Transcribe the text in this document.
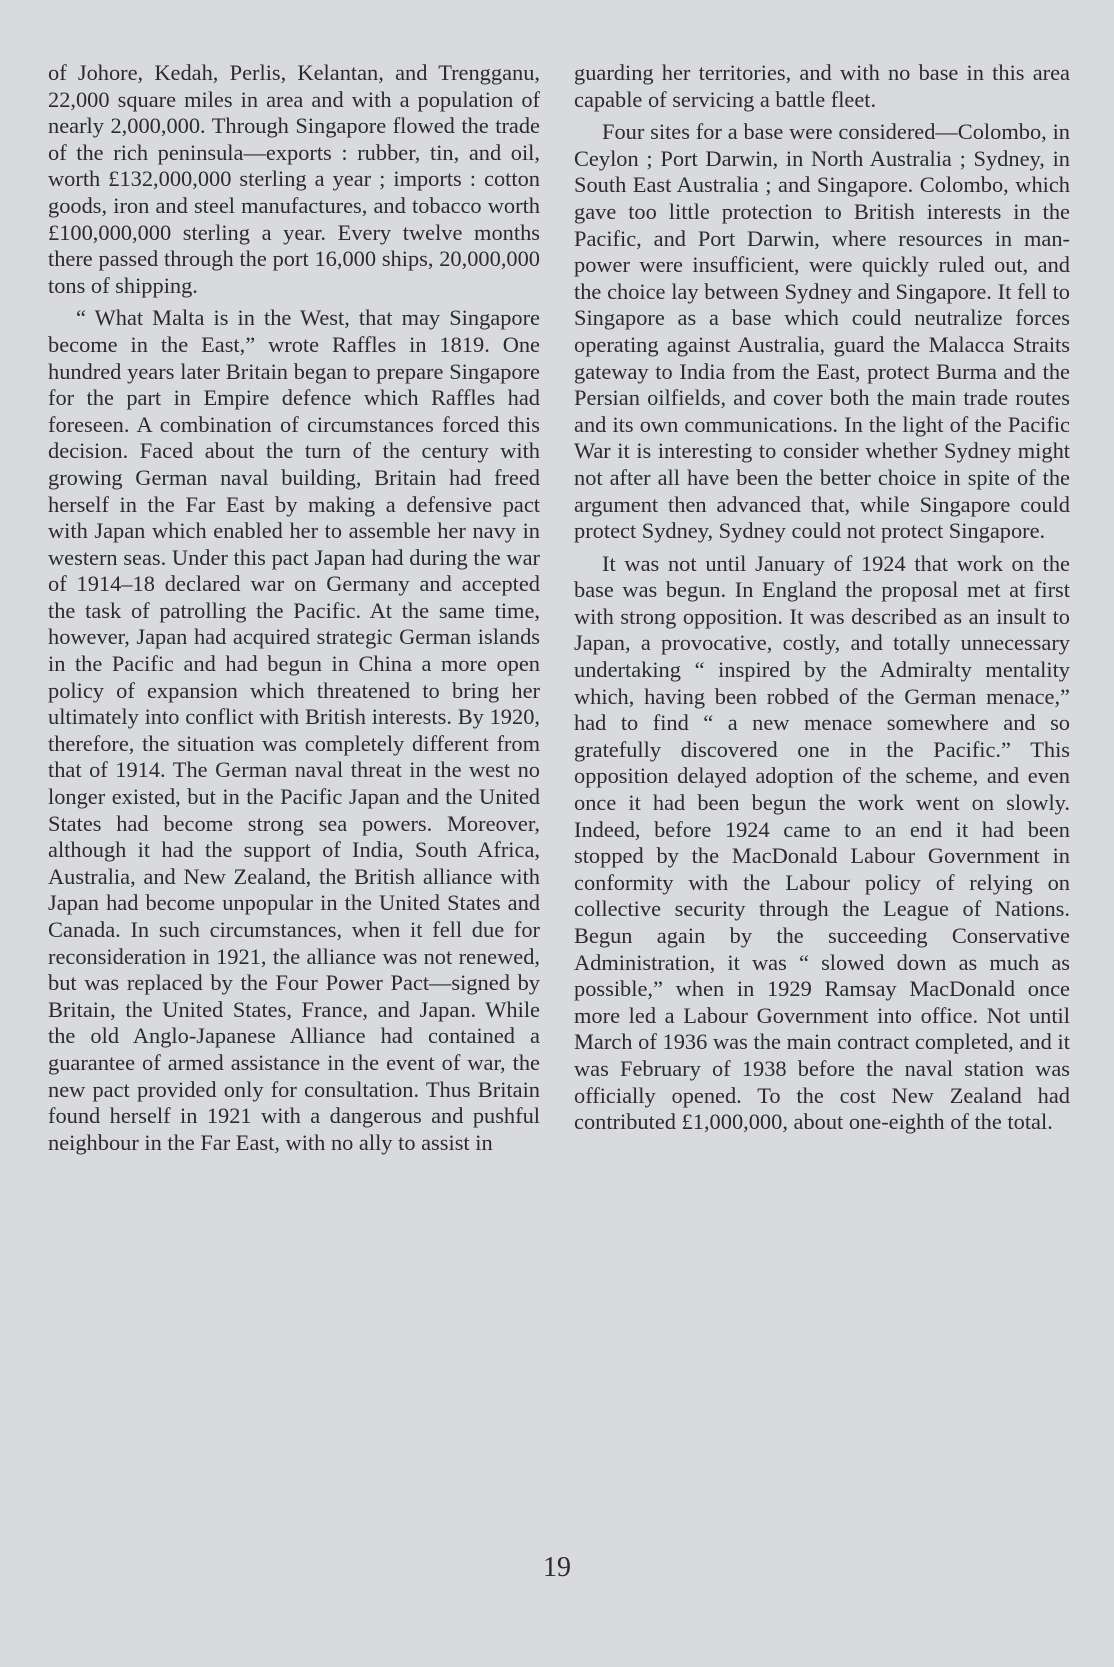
of Johore, Kedah, Perlis, Kelantan, and Trengganu, 22,000 square miles in area and with a population of nearly 2,000,000. Through Singapore flowed the trade of the rich peninsula—exports : rubber, tin, and oil, worth £132,000,000 sterling a year ; imports : cotton goods, iron and steel manufactures, and tobacco worth £100,000,000 sterling a year. Every twelve months there passed through the port 16,000 ships, 20,000,000 tons of shipping.

“ What Malta is in the West, that may Singapore become in the East,” wrote Raffles in 1819. One hundred years later Britain began to prepare Singapore for the part in Empire defence which Raffles had foreseen. A combination of circumstances forced this decision. Faced about the turn of the century with growing German naval building, Britain had freed herself in the Far East by making a defensive pact with Japan which enabled her to assemble her navy in western seas. Under this pact Japan had during the war of 1914–18 declared war on Germany and accepted the task of patrolling the Pacific. At the same time, however, Japan had acquired strategic German islands in the Pacific and had begun in China a more open policy of expansion which threatened to bring her ultimately into conflict with British interests. By 1920, therefore, the situation was completely different from that of 1914. The German naval threat in the west no longer existed, but in the Pacific Japan and the United States had become strong sea powers. Moreover, although it had the support of India, South Africa, Australia, and New Zealand, the British alliance with Japan had become unpopular in the United States and Canada. In such circumstances, when it fell due for reconsideration in 1921, the alliance was not renewed, but was replaced by the Four Power Pact—signed by Britain, the United States, France, and Japan. While the old Anglo-Japanese Alliance had contained a guarantee of armed assistance in the event of war, the new pact provided only for consultation. Thus Britain found herself in 1921 with a dangerous and pushful neighbour in the Far East, with no ally to assist in

guarding her territories, and with no base in this area capable of servicing a battle fleet.

Four sites for a base were considered—Colombo, in Ceylon ; Port Darwin, in North Australia ; Sydney, in South East Australia ; and Singapore. Colombo, which gave too little protection to British interests in the Pacific, and Port Darwin, where resources in man-power were insufficient, were quickly ruled out, and the choice lay between Sydney and Singapore. It fell to Singapore as a base which could neutralize forces operating against Australia, guard the Malacca Straits gateway to India from the East, protect Burma and the Persian oilfields, and cover both the main trade routes and its own communications. In the light of the Pacific War it is interesting to consider whether Sydney might not after all have been the better choice in spite of the argument then advanced that, while Singapore could protect Sydney, Sydney could not protect Singapore.

It was not until January of 1924 that work on the base was begun. In England the proposal met at first with strong opposition. It was described as an insult to Japan, a provocative, costly, and totally unnecessary undertaking “ inspired by the Admiralty mentality which, having been robbed of the German menace,” had to find “ a new menace somewhere and so gratefully discovered one in the Pacific.” This opposition delayed adoption of the scheme, and even once it had been begun the work went on slowly. Indeed, before 1924 came to an end it had been stopped by the MacDonald Labour Government in conformity with the Labour policy of relying on collective security through the League of Nations. Begun again by the succeeding Conservative Administration, it was “ slowed down as much as possible,” when in 1929 Ramsay MacDonald once more led a Labour Government into office. Not until March of 1936 was the main contract completed, and it was February of 1938 before the naval station was officially opened. To the cost New Zealand had contributed £1,000,000, about one-eighth of the total.

19
